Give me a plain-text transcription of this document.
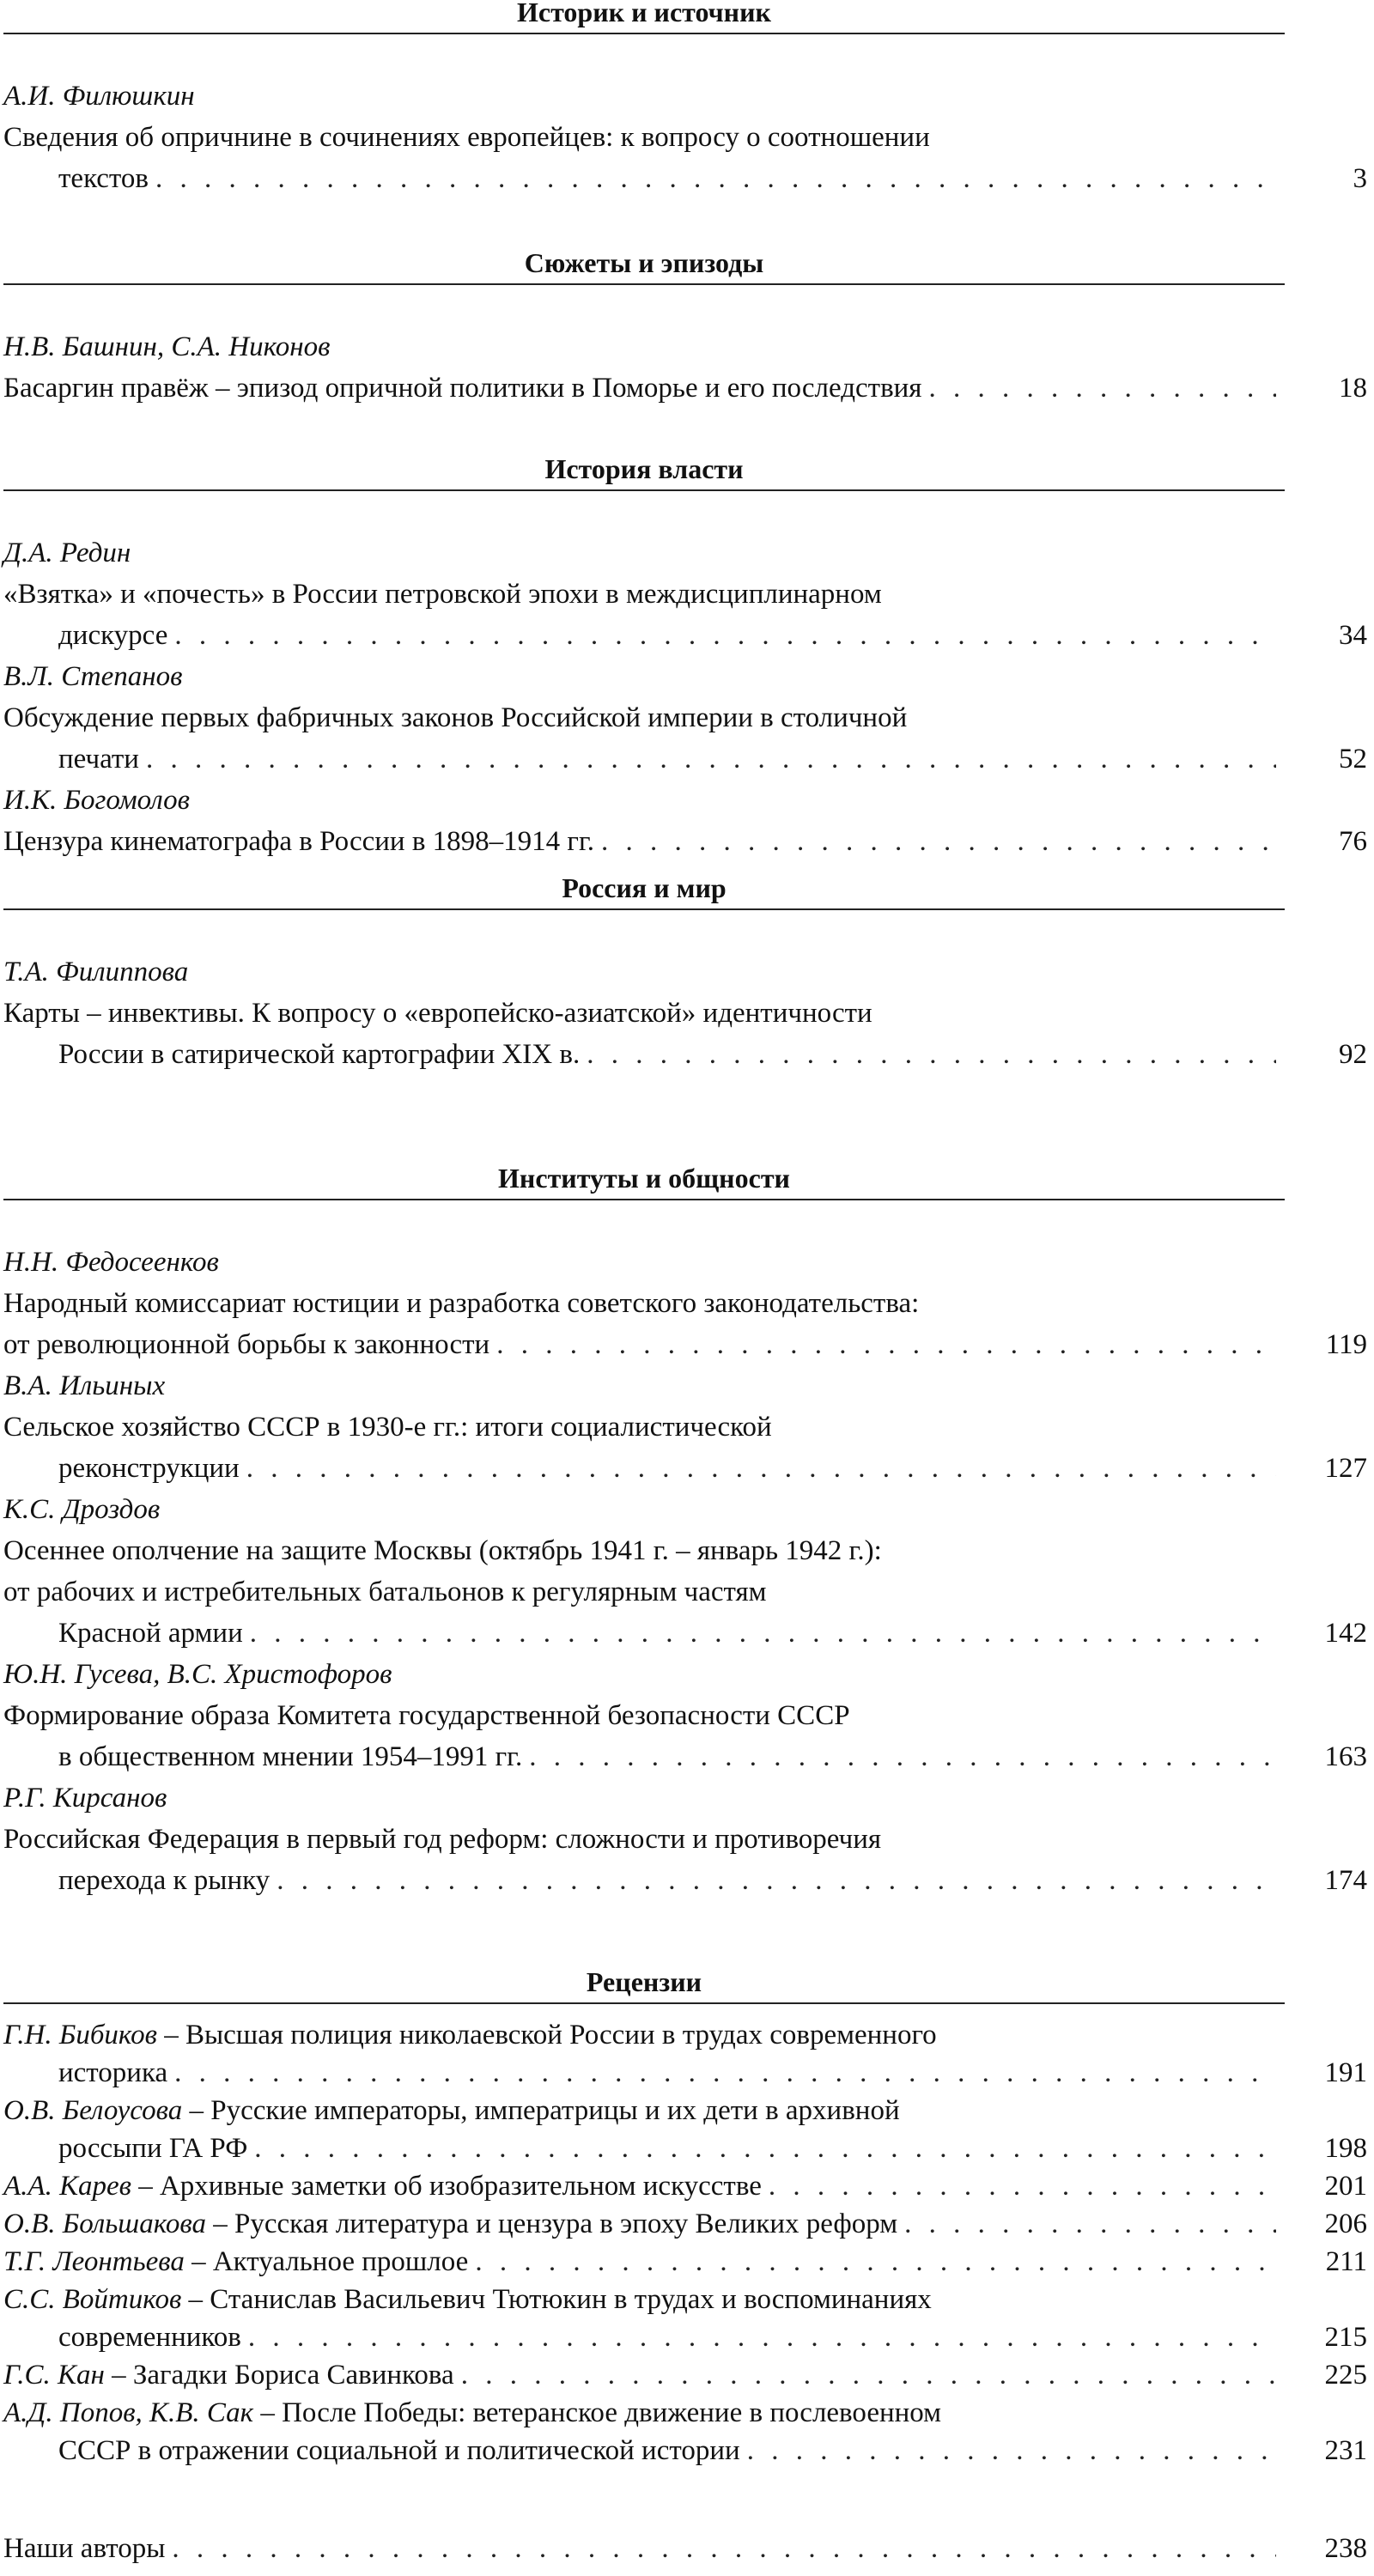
Историк и источник
А.И. Филюшкин
Сведения об опричнине в сочинениях европейцев: к вопросу о соотношении
текстов . . .	3
Сюжеты и эпизоды
Н.В. Башнин, С.А. Никонов
Басаргин правёж – эпизод опричной политики в Поморье и его последствия . . .	18
История власти
Д.А. Редин
«Взятка» и «почесть» в России петровской эпохи в междисциплинарном
дискурсе . . .	34
В.Л. Степанов
Обсуждение первых фабричных законов Российской империи в столичной
печати . . .	52
И.К. Богомолов
Цензура кинематографа в России в 1898–1914 гг. . . .	76
Россия и мир
Т.А. Филиппова
Карты – инвективы. К вопросу о «европейско-азиатской» идентичности
России в сатирической картографии XIX в. . . .	92
Институты и общности
Н.Н. Федосеенков
Народный комиссариат юстиции и разработка советского законодательства:
от революционной борьбы к законности . . .	119
В.А. Ильиных
Сельское хозяйство СССР в 1930-е гг.: итоги социалистической
реконструкции . . .	127
К.С. Дроздов
Осеннее ополчение на защите Москвы (октябрь 1941 г. – январь 1942 г.):
от рабочих и истребительных батальонов к регулярным частям
Красной армии . . .	142
Ю.Н. Гусева, В.С. Христофоров
Формирование образа Комитета государственной безопасности СССР
в общественном мнении 1954–1991 гг. . . .	163
Р.Г. Кирсанов
Российская Федерация в первый год реформ: сложности и противоречия
перехода к рынку . . .	174
Рецензии
Г.Н. Бибиков – Высшая полиция николаевской России в трудах современного
историка . . .	191
О.В. Белоусова – Русские императоры, императрицы и их дети в архивной
россыпи ГА РФ . . .	198
А.А. Карев – Архивные заметки об изобразительном искусстве . . .	201
О.В. Большакова – Русская литература и цензура в эпоху Великих реформ . . .	206
Т.Г. Леонтьева – Актуальное прошлое . . .	211
С.С. Войтиков – Станислав Васильевич Тютюкин в трудах и воспоминаниях
современников . . .	215
Г.С. Кан – Загадки Бориса Савинкова . . .	225
А.Д. Попов, К.В. Сак – После Победы: ветеранское движение в послевоенном
СССР в отражении социальной и политической истории . . .	231
Наши авторы . . .	238
